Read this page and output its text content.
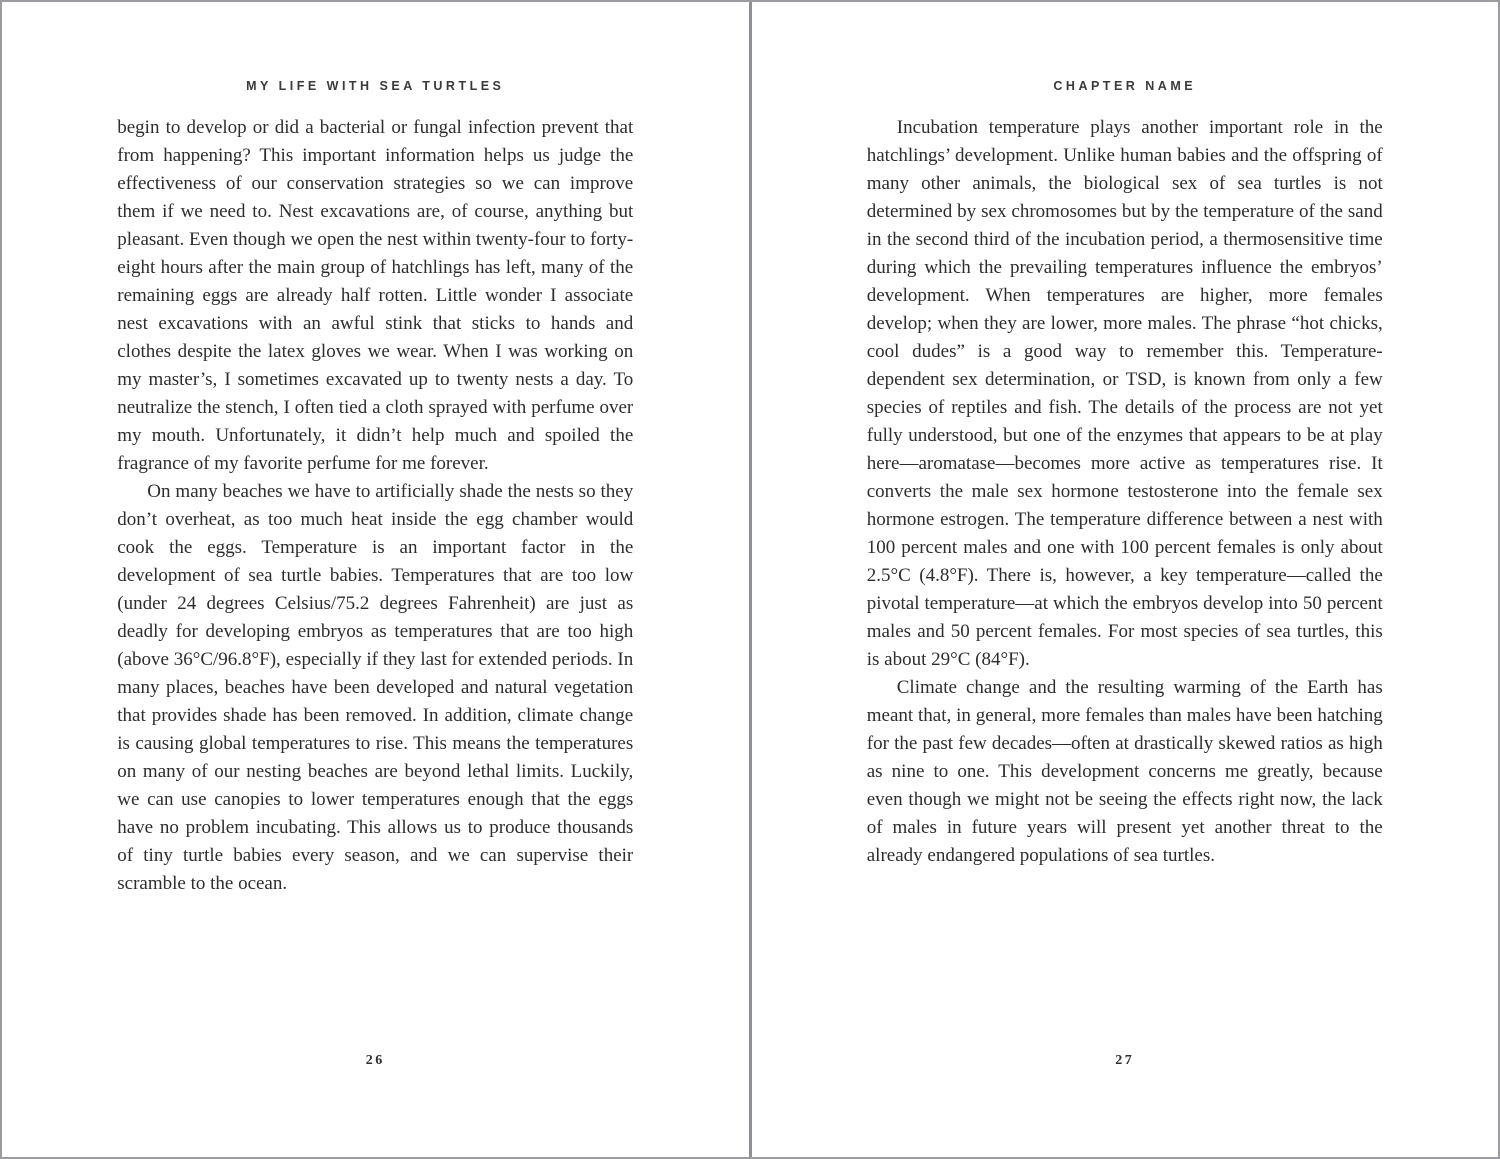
MY LIFE WITH SEA TURTLES

begin to develop or did a bacterial or fungal infection prevent that from happening? This important information helps us judge the effectiveness of our conservation strategies so we can improve them if we need to. Nest excavations are, of course, anything but pleasant. Even though we open the nest within twenty-four to forty-eight hours after the main group of hatchlings has left, many of the remaining eggs are already half rotten. Little wonder I associate nest excavations with an awful stink that sticks to hands and clothes despite the latex gloves we wear. When I was working on my master’s, I sometimes excavated up to twenty nests a day. To neutralize the stench, I often tied a cloth sprayed with perfume over my mouth. Unfortunately, it didn’t help much and spoiled the fragrance of my favorite perfume for me forever.

On many beaches we have to artificially shade the nests so they don’t overheat, as too much heat inside the egg chamber would cook the eggs. Temperature is an important factor in the development of sea turtle babies. Temperatures that are too low (under 24 degrees Celsius/75.2 degrees Fahrenheit) are just as deadly for developing embryos as temperatures that are too high (above 36°C/96.8°F), especially if they last for extended periods. In many places, beaches have been developed and natural vegetation that provides shade has been removed. In addition, climate change is causing global temperatures to rise. This means the temperatures on many of our nesting beaches are beyond lethal limits. Luckily, we can use canopies to lower temperatures enough that the eggs have no problem incubating. This allows us to produce thousands of tiny turtle babies every season, and we can supervise their scramble to the ocean.

26
CHAPTER NAME

Incubation temperature plays another important role in the hatchlings’ development. Unlike human babies and the offspring of many other animals, the biological sex of sea turtles is not determined by sex chromosomes but by the temperature of the sand in the second third of the incubation period, a thermosensitive time during which the prevailing temperatures influence the embryos’ development. When temperatures are higher, more females develop; when they are lower, more males. The phrase “hot chicks, cool dudes” is a good way to remember this. Temperature-dependent sex determination, or TSD, is known from only a few species of reptiles and fish. The details of the process are not yet fully understood, but one of the enzymes that appears to be at play here—aromatase—becomes more active as temperatures rise. It converts the male sex hormone testosterone into the female sex hormone estrogen. The temperature difference between a nest with 100 percent males and one with 100 percent females is only about 2.5°C (4.8°F). There is, however, a key temperature—called the pivotal temperature—at which the embryos develop into 50 percent males and 50 percent females. For most species of sea turtles, this is about 29°C (84°F).

Climate change and the resulting warming of the Earth has meant that, in general, more females than males have been hatching for the past few decades—often at drastically skewed ratios as high as nine to one. This development concerns me greatly, because even though we might not be seeing the effects right now, the lack of males in future years will present yet another threat to the already endangered populations of sea turtles.

27
